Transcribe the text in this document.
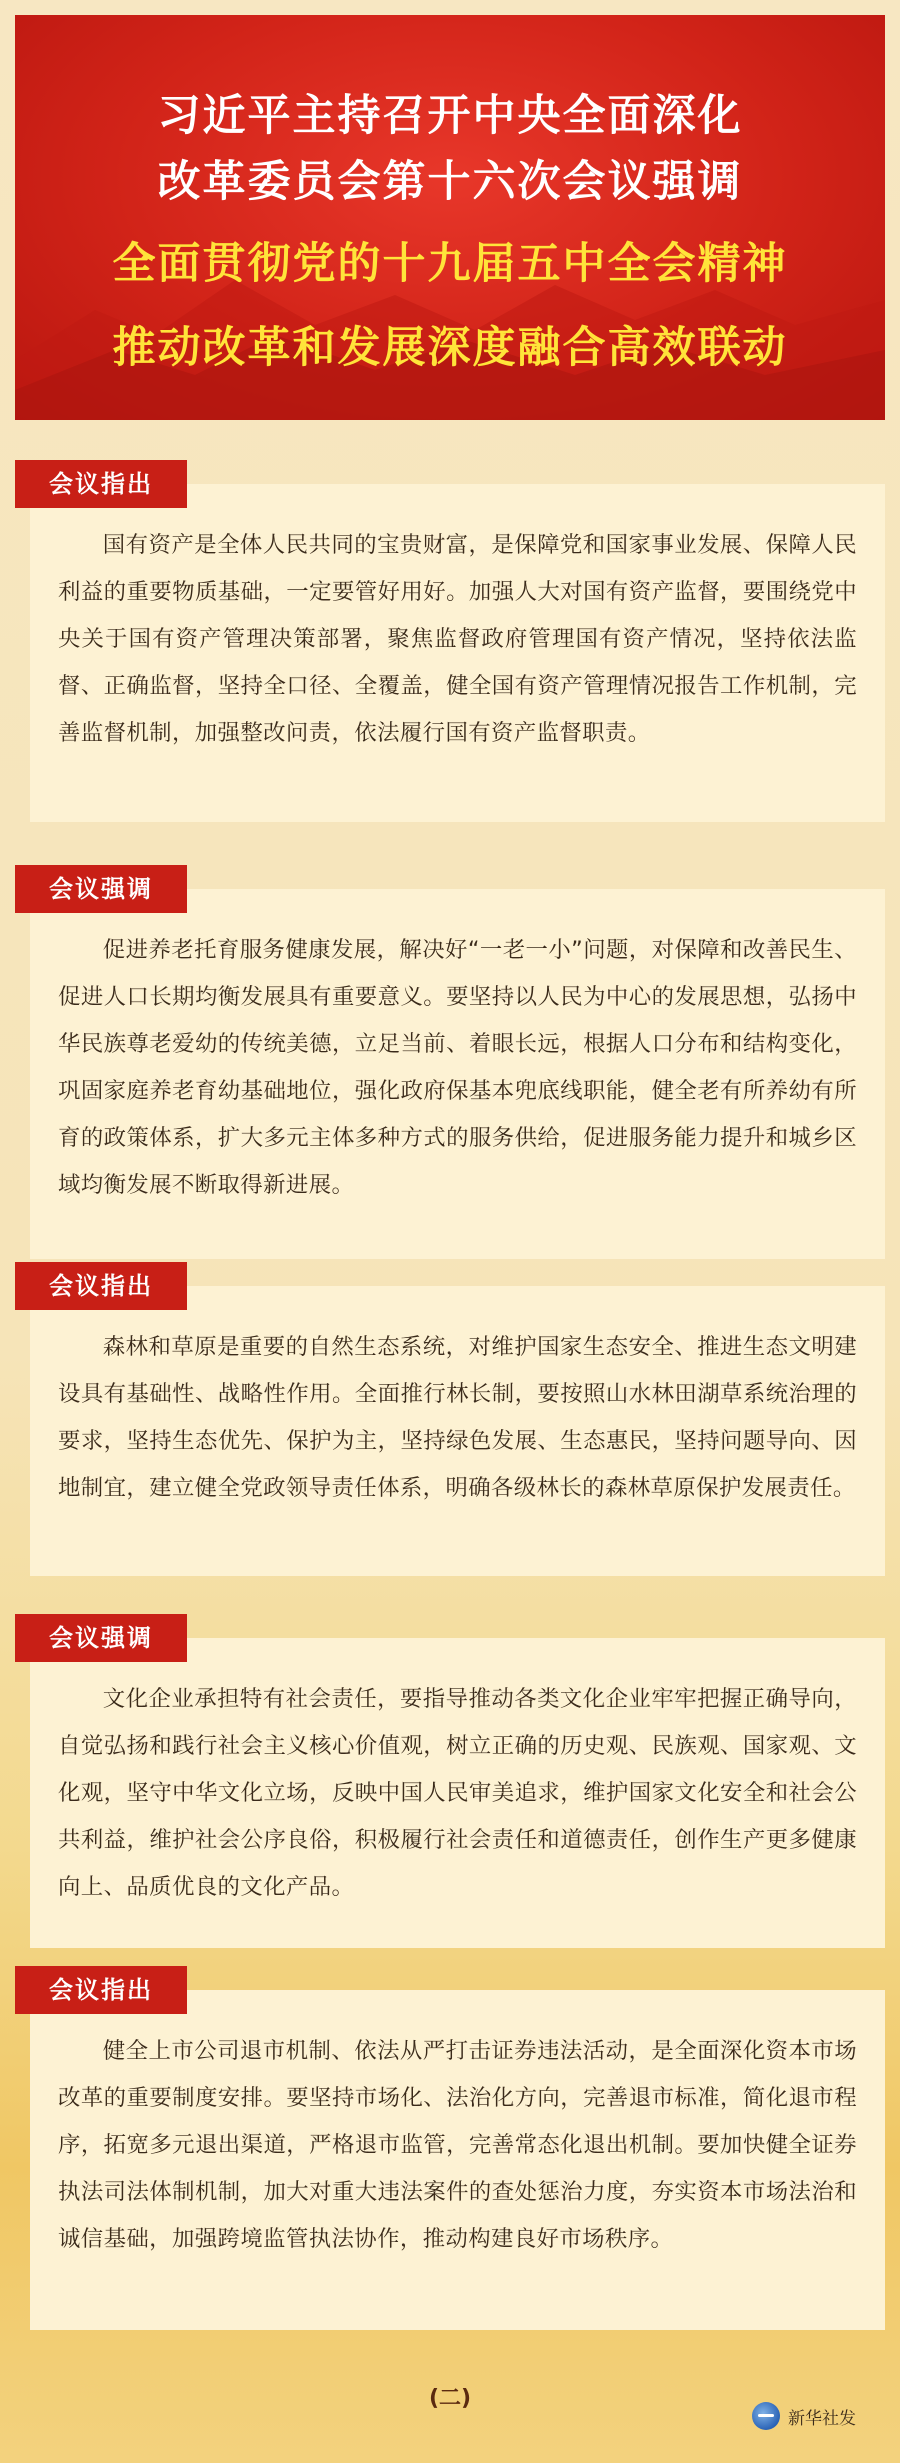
习近平主持召开中央全面深化
改革委员会第十六次会议强调
全面贯彻党的十九届五中全会精神
推动改革和发展深度融合高效联动
会议指出

国有资产是全体人民共同的宝贵财富，是保障党和国家事业发展、保障人民利益的重要物质基础，一定要管好用好。加强人大对国有资产监督，要围绕党中央关于国有资产管理决策部署，聚焦监督政府管理国有资产情况，坚持依法监督、正确监督，坚持全口径、全覆盖，健全国有资产管理情况报告工作机制，完善监督机制，加强整改问责，依法履行国有资产监督职责。

会议强调

促进养老托育服务健康发展，解决好“一老一小”问题，对保障和改善民生、促进人口长期均衡发展具有重要意义。要坚持以人民为中心的发展思想，弘扬中华民族尊老爱幼的传统美德，立足当前、着眼长远，根据人口分布和结构变化，巩固家庭养老育幼基础地位，强化政府保基本兜底线职能，健全老有所养幼有所育的政策体系，扩大多元主体多种方式的服务供给，促进服务能力提升和城乡区域均衡发展不断取得新进展。

会议指出

森林和草原是重要的自然生态系统，对维护国家生态安全、推进生态文明建设具有基础性、战略性作用。全面推行林长制，要按照山水林田湖草系统治理的要求，坚持生态优先、保护为主，坚持绿色发展、生态惠民，坚持问题导向、因地制宜，建立健全党政领导责任体系，明确各级林长的森林草原保护发展责任。

会议强调

文化企业承担特有社会责任，要指导推动各类文化企业牢牢把握正确导向，自觉弘扬和践行社会主义核心价值观，树立正确的历史观、民族观、国家观、文化观，坚守中华文化立场，反映中国人民审美追求，维护国家文化安全和社会公共利益，维护社会公序良俗，积极履行社会责任和道德责任，创作生产更多健康向上、品质优良的文化产品。

会议指出

健全上市公司退市机制、依法从严打击证券违法活动，是全面深化资本市场改革的重要制度安排。要坚持市场化、法治化方向，完善退市标准，简化退市程序，拓宽多元退出渠道，严格退市监管，完善常态化退出机制。要加快健全证券执法司法体制机制，加大对重大违法案件的查处惩治力度，夯实资本市场法治和诚信基础，加强跨境监管执法协作，推动构建良好市场秩序。

(二)
新华社发
